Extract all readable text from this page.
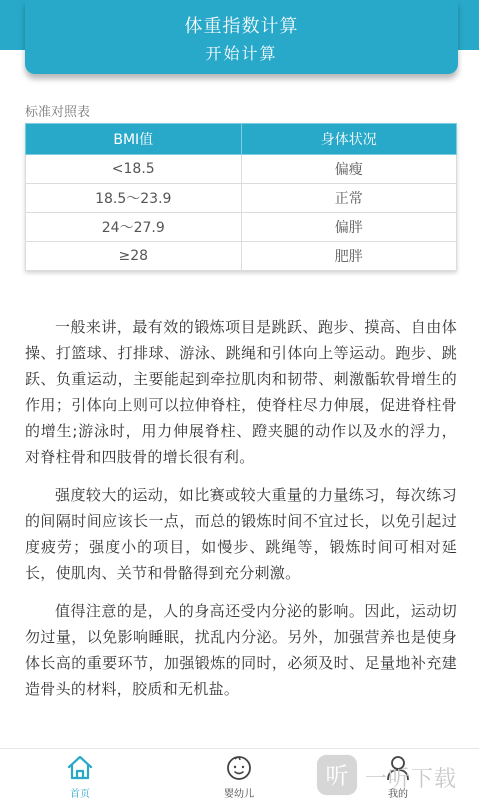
体重指数计算
开始计算
标准对照表
BMI值	身体状况
<18.5	偏瘦
18.5～23.9	正常
24～27.9	偏胖
≥28	肥胖

一般来讲，最有效的锻炼项目是跳跃、跑步、摸高、自由体操、打篮球、打排球、游泳、跳绳和引体向上等运动。跑步、跳跃、负重运动，主要能起到牵拉肌肉和韧带、刺激骺软骨增生的作用；引体向上则可以拉伸脊柱，使脊柱尽力伸展，促进脊柱骨的增生;游泳时，用力伸展脊柱、蹬夹腿的动作以及水的浮力，对脊柱骨和四肢骨的增长很有利。

强度较大的运动，如比赛或较大重量的力量练习，每次练习的间隔时间应该长一点，而总的锻炼时间不宜过长，以免引起过度疲劳；强度小的项目，如慢步、跳绳等，锻炼时间可相对延长，使肌肉、关节和骨骼得到充分刺激。

值得注意的是，人的身高还受内分泌的影响。因此，运动切勿过量，以免影响睡眠，扰乱内分泌。另外，加强营养也是使身体长高的重要环节，加强锻炼的同时，必须及时、足量地补充建造骨头的材料，胶质和无机盐。

首页	婴幼儿	我的
听 一听下载
